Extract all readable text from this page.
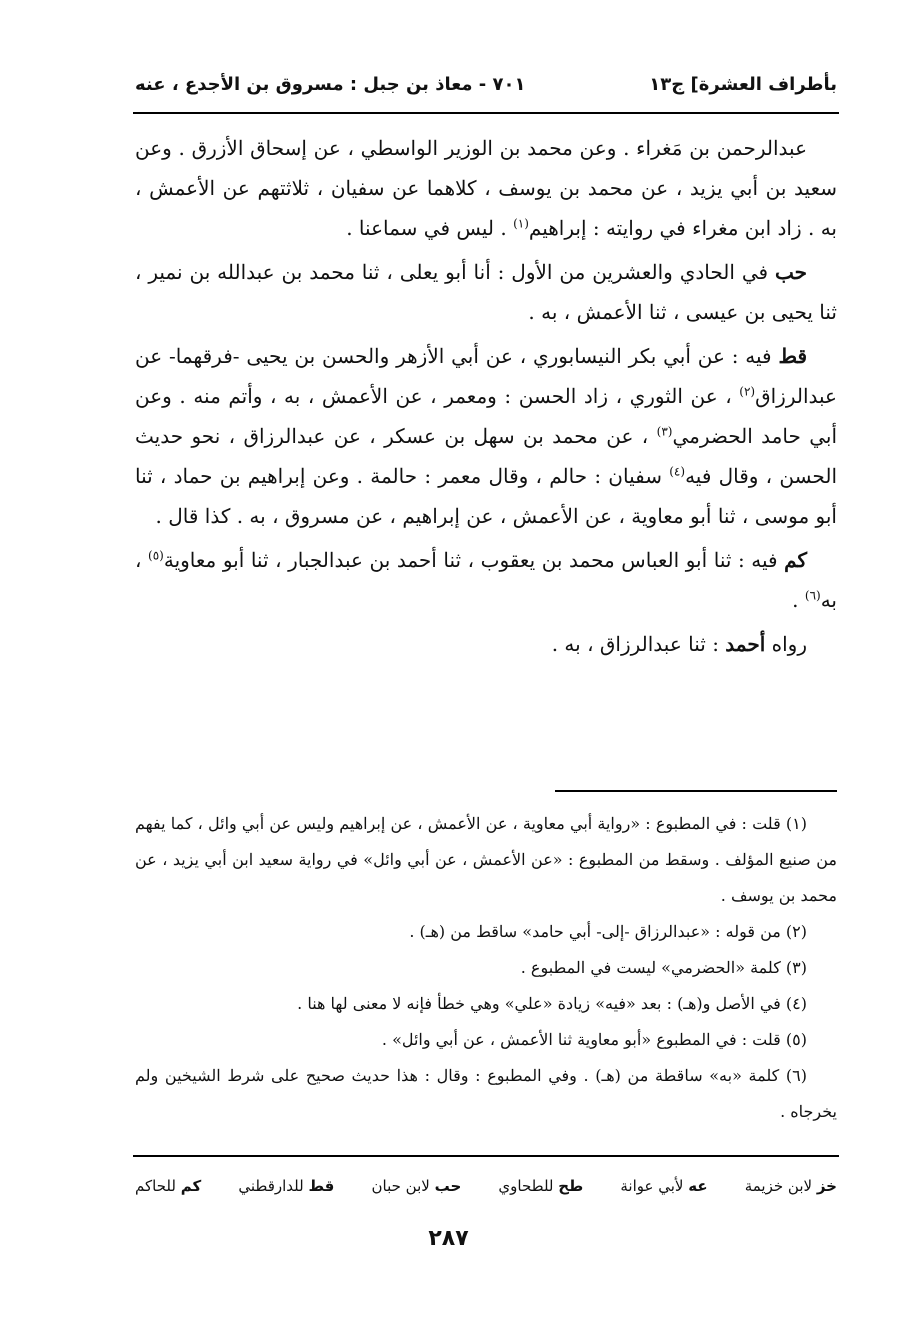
بأطراف العشرة] ج١٣
٧٠١ - معاذ بن جبل : مسروق بن الأجدع ، عنه

عبدالرحمن بن مَغراء . وعن محمد بن الوزير الواسطي ، عن إسحاق الأزرق . وعن سعيد بن أبي يزيد ، عن محمد بن يوسف ، كلاهما عن سفيان ، ثلاثتهم عن الأعمش ، به . زاد ابن مغراء في روايته : إبراهيم$^{(١)}$ . ليس في سماعنا .

حب في الحادي والعشرين من الأول : أنا أبو يعلى ، ثنا محمد بن عبدالله بن نمير ، ثنا يحيى بن عيسى ، ثنا الأعمش ، به .

قط فيه : عن أبي بكر النيسابوري ، عن أبي الأزهر والحسن بن يحيى -فرقهما- عن عبدالرزاق$^{(٢)}$ ، عن الثوري ، زاد الحسن : ومعمر ، عن الأعمش ، به ، وأتم منه . وعن أبي حامد الحضرمي$^{(٣)}$ ، عن محمد بن سهل بن عسكر ، عن عبدالرزاق ، نحو حديث الحسن ، وقال فيه$^{(٤)}$ سفيان : حالم ، وقال معمر : حالمة . وعن إبراهيم بن حماد ، ثنا أبو موسى ، ثنا أبو معاوية ، عن الأعمش ، عن إبراهيم ، عن مسروق ، به . كذا قال .

كم فيه : ثنا أبو العباس محمد بن يعقوب ، ثنا أحمد بن عبدالجبار ، ثنا أبو معاوية$^{(٥)}$ ، به$^{(٦)}$ .

رواه أحمد : ثنا عبدالرزاق ، به .

(١) قلت : في المطبوع : «رواية أبي معاوية ، عن الأعمش ، عن إبراهيم وليس عن أبي وائل ، كما يفهم من صنيع المؤلف . وسقط من المطبوع : «عن الأعمش ، عن أبي وائل» في رواية سعيد ابن أبي يزيد ، عن محمد بن يوسف .

(٢) من قوله : «عبدالرزاق -إلى- أبي حامد» ساقط من (هـ) .

(٣) كلمة «الحضرمي» ليست في المطبوع .

(٤) في الأصل و(هـ) : بعد «فيه» زيادة «علي» وهي خطأ فإنه لا معنى لها هنا .

(٥) قلت : في المطبوع «أبو معاوية ثنا الأعمش ، عن أبي وائل» .

(٦) كلمة «به» ساقطة من (هـ) . وفي المطبوع : وقال : هذا حديث صحيح على شرط الشيخين ولم يخرجاه .

خز لابن خزيمة
عه لأبي عوانة
طح للطحاوي
حب لابن حبان
قط للدارقطني
كم للحاكم
٢٨٧
